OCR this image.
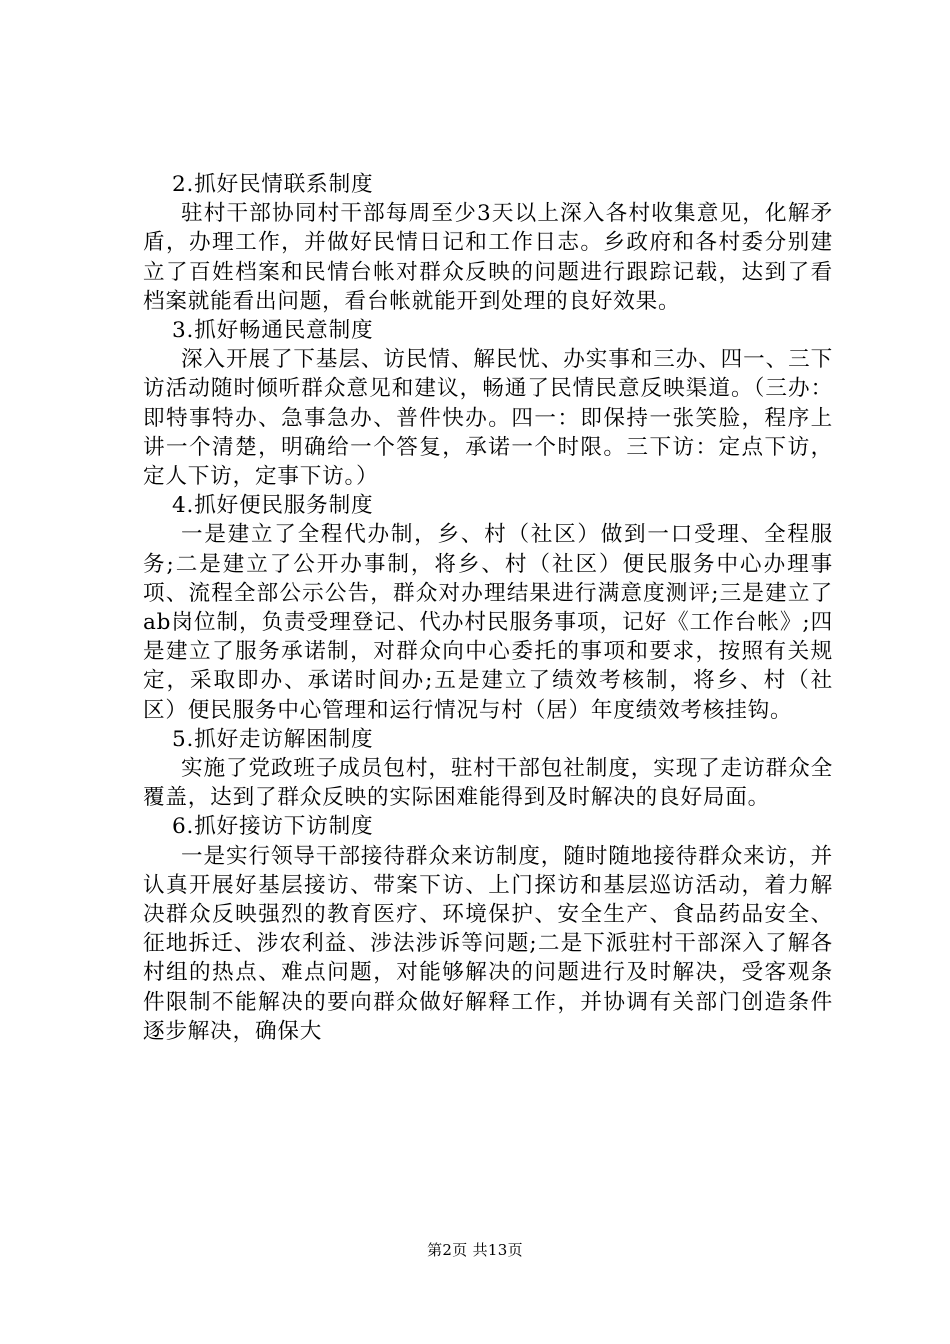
2.抓好民情联系制度

驻村干部协同村干部每周至少3天以上深入各村收集意见，化解矛盾，办理工作，并做好民情日记和工作日志。乡政府和各村委分别建立了百姓档案和民情台帐对群众反映的问题进行跟踪记载，达到了看档案就能看出问题，看台帐就能开到处理的良好效果。

3.抓好畅通民意制度

深入开展了下基层、访民情、解民忧、办实事和三办、四一、三下访活动随时倾听群众意见和建议，畅通了民情民意反映渠道。（三办：即特事特办、急事急办、普件快办。四一：即保持一张笑脸，程序上讲一个清楚，明确给一个答复，承诺一个时限。三下访：定点下访，定人下访，定事下访。）

4.抓好便民服务制度

一是建立了全程代办制，乡、村（社区）做到一口受理、全程服务;二是建立了公开办事制，将乡、村（社区）便民服务中心办理事项、流程全部公示公告，群众对办理结果进行满意度测评;三是建立了ab岗位制，负责受理登记、代办村民服务事项，记好《工作台帐》;四是建立了服务承诺制，对群众向中心委托的事项和要求，按照有关规定，采取即办、承诺时间办;五是建立了绩效考核制，将乡、村（社区）便民服务中心管理和运行情况与村（居）年度绩效考核挂钩。

5.抓好走访解困制度

实施了党政班子成员包村，驻村干部包社制度，实现了走访群众全覆盖，达到了群众反映的实际困难能得到及时解决的良好局面。

6.抓好接访下访制度

一是实行领导干部接待群众来访制度，随时随地接待群众来访，并认真开展好基层接访、带案下访、上门探访和基层巡访活动，着力解决群众反映强烈的教育医疗、环境保护、安全生产、食品药品安全、征地拆迁、涉农利益、涉法涉诉等问题;二是下派驻村干部深入了解各村组的热点、难点问题，对能够解决的问题进行及时解决，受客观条件限制不能解决的要向群众做好解释工作，并协调有关部门创造条件逐步解决，确保大

第2页 共13页
